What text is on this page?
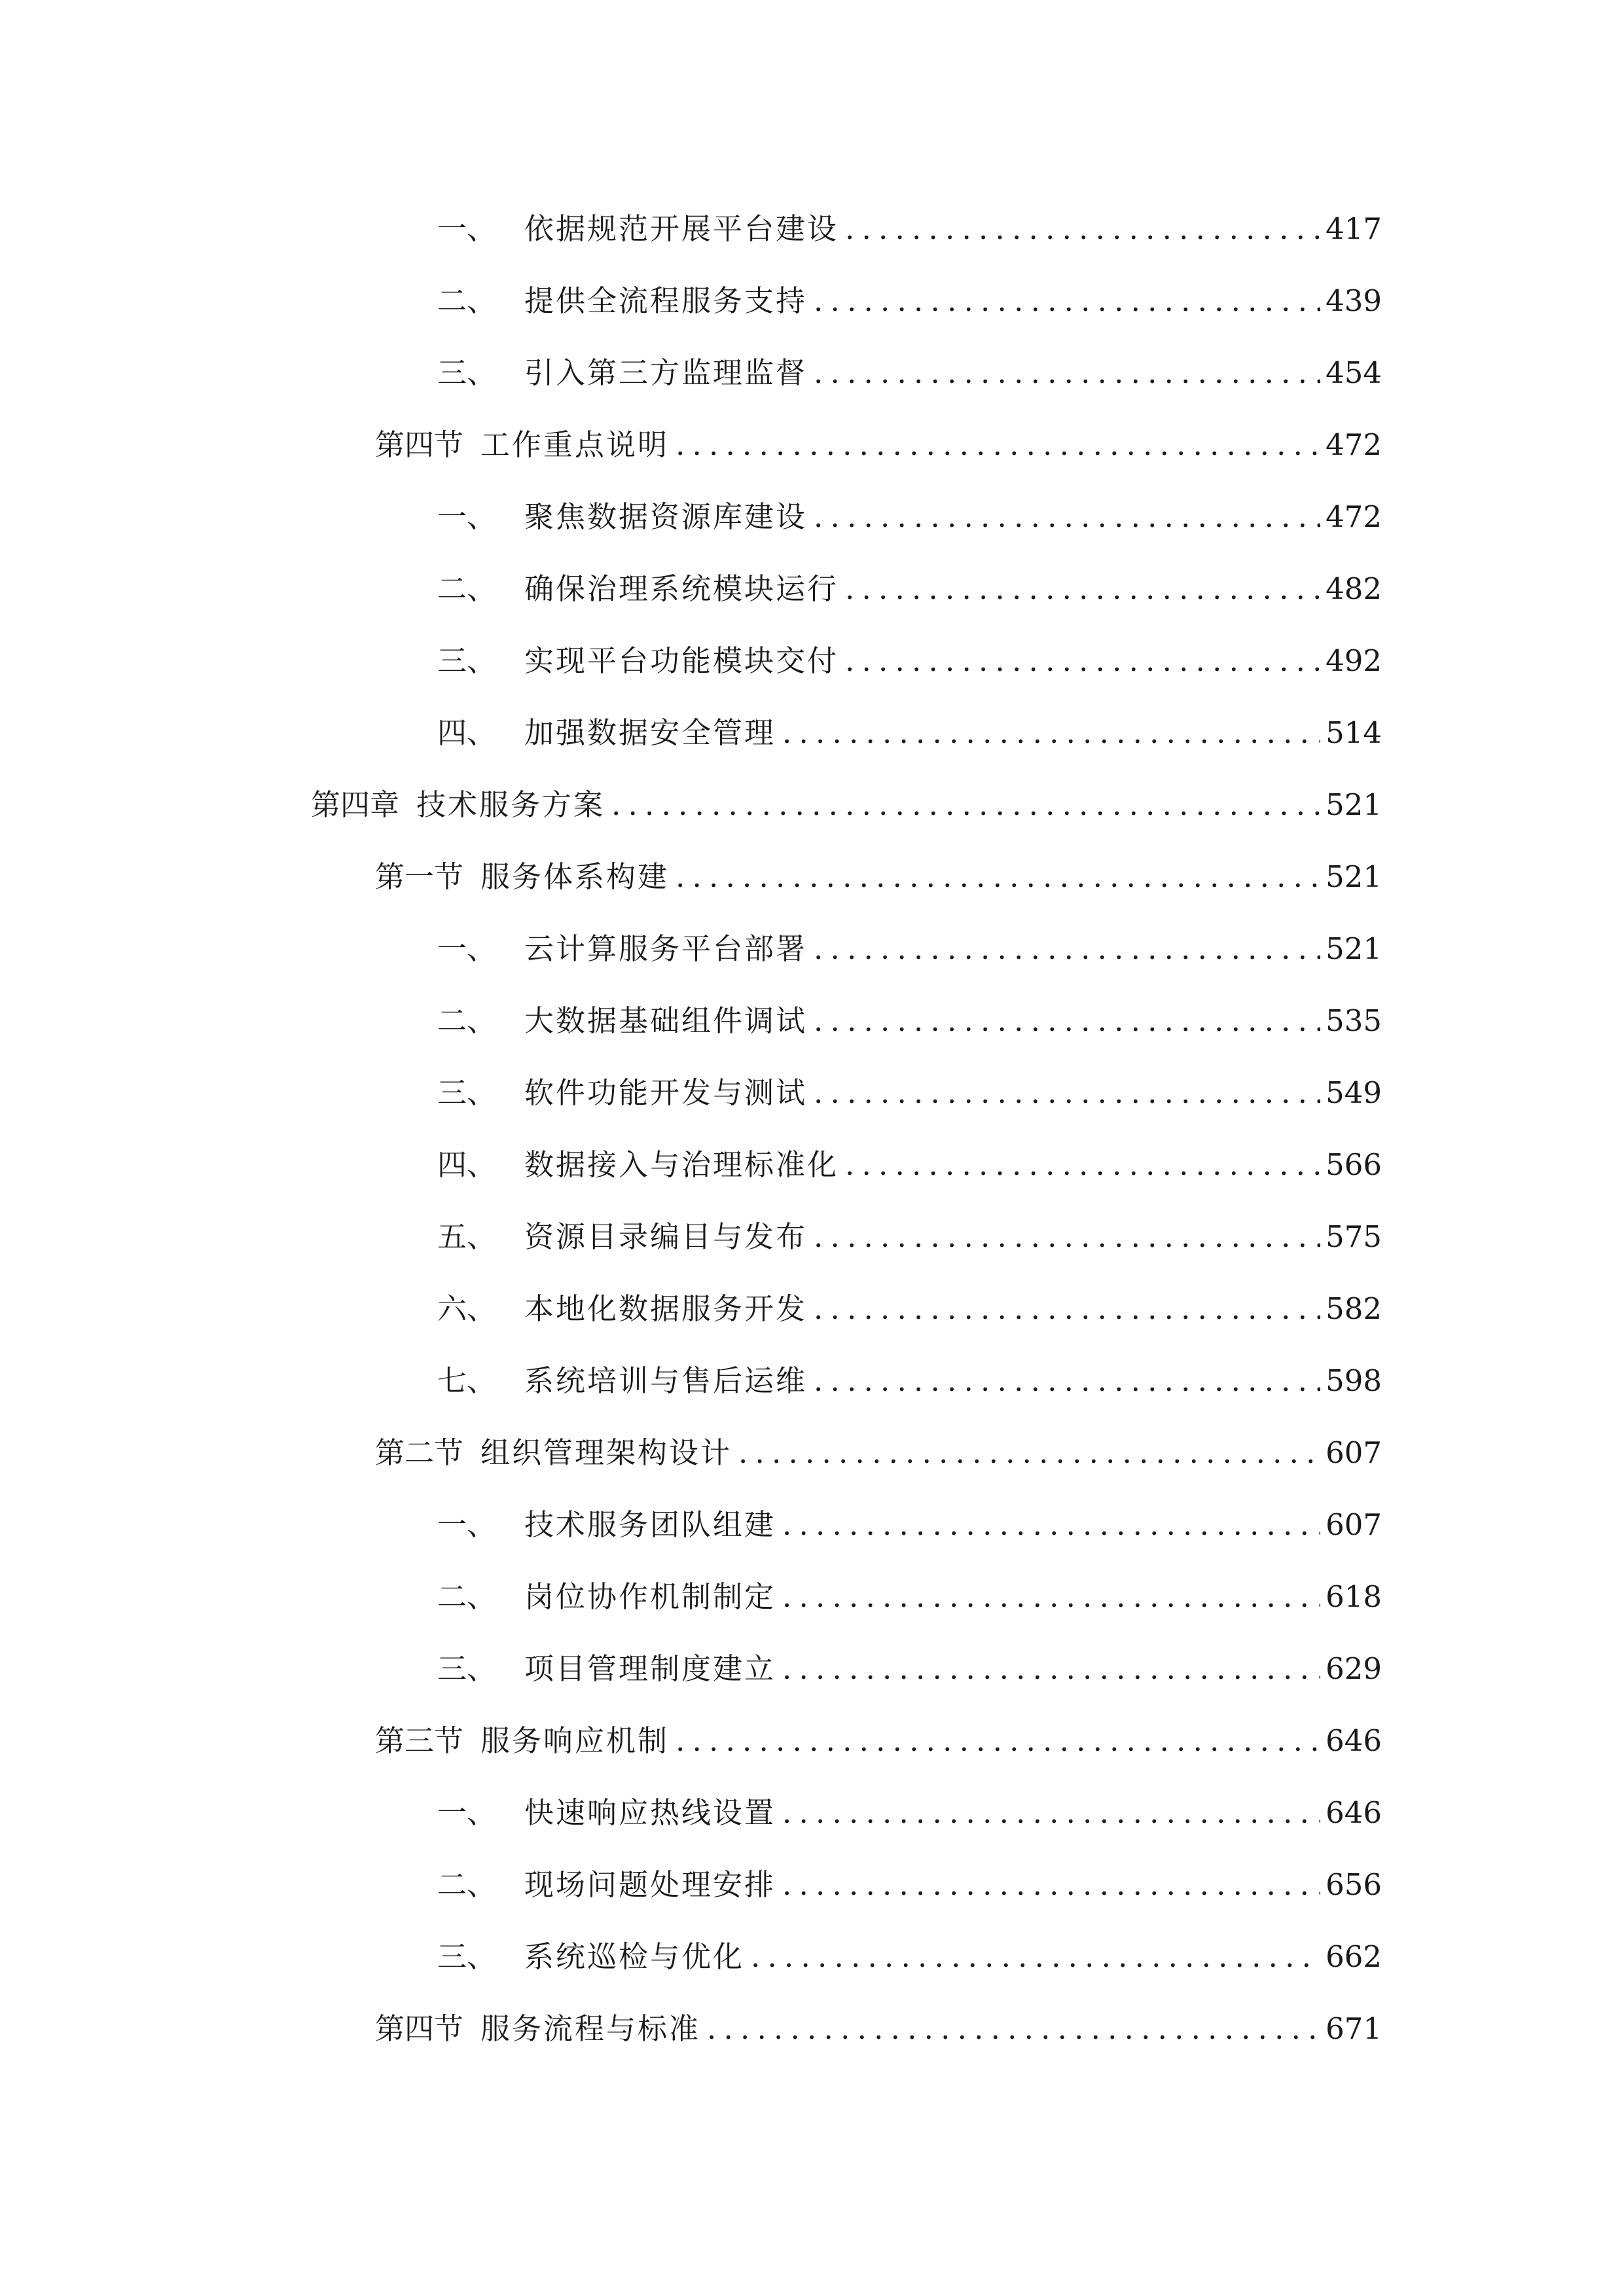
一、 依据规范开展平台建设 .....	417
二、 提供全流程服务支持 .....	439
三、 引入第三方监理监督 .....	454
第四节 工作重点说明 .....	472
一、 聚焦数据资源库建设 .....	472
二、 确保治理系统模块运行 .....	482
三、 实现平台功能模块交付 .....	492
四、 加强数据安全管理 .....	514
第四章 技术服务方案 .....	521
第一节 服务体系构建 .....	521
一、 云计算服务平台部署 .....	521
二、 大数据基础组件调试 .....	535
三、 软件功能开发与测试 .....	549
四、 数据接入与治理标准化 .....	566
五、 资源目录编目与发布 .....	575
六、 本地化数据服务开发 .....	582
七、 系统培训与售后运维 .....	598
第二节 组织管理架构设计 .....	607
一、 技术服务团队组建 .....	607
二、 岗位协作机制制定 .....	618
三、 项目管理制度建立 .....	629
第三节 服务响应机制 .....	646
一、 快速响应热线设置 .....	646
二、 现场问题处理安排 .....	656
三、 系统巡检与优化 .....	662
第四节 服务流程与标准 .....	671
